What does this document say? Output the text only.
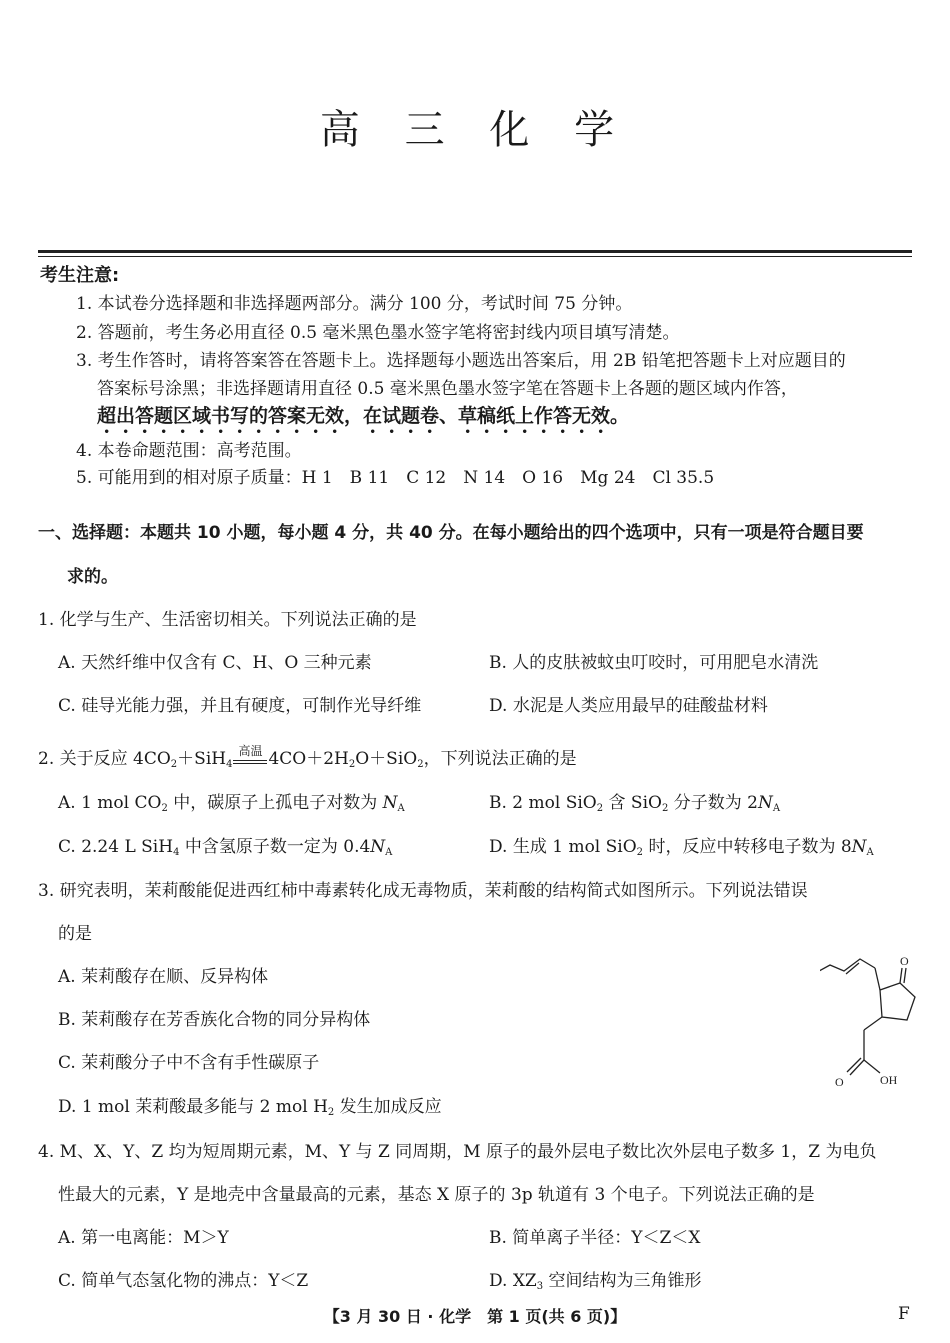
高 三 化 学
考生注意:
1. 本试卷分选择题和非选择题两部分。满分 100 分，考试时间 75 分钟。
2. 答题前，考生务必用直径 0.5 毫米黑色墨水签字笔将密封线内项目填写清楚。
3. 考生作答时，请将答案答在答题卡上。选择题每小题选出答案后，用 2B 铅笔把答题卡上对应题目的
答案标号涂黑；非选择题请用直径 0.5 毫米黑色墨水签字笔在答题卡上各题的题区域内作答，
超出答题区域书写的答案无效，在试题卷、草稿纸上作答无效。
4. 本卷命题范围：高考范围。
5. 可能用到的相对原子质量：H 1　B 11　C 12　N 14　O 16　Mg 24　Cl 35.5
一、选择题：本题共 10 小题，每小题 4 分，共 40 分。在每小题给出的四个选项中，只有一项是符合题目要
求的。
1. 化学与生产、生活密切相关。下列说法正确的是
A. 天然纤维中仅含有 C、H、O 三种元素	B. 人的皮肤被蚊虫叮咬时，可用肥皂水清洗
C. 硅导光能力强，并且有硬度，可制作光导纤维	D. 水泥是人类应用最早的硅酸盐材料
2. 关于反应 $4CO_2+SiH_4$
高温 $4CO+2H_2O+SiO_2$，下列说法正确的是
A. 1 mol $CO_2$ 中，碳原子上孤电子对数为 $N_A$	B. 2 mol SiO$_2$ 含 SiO$_2$ 分子数为 $2N_A$
C. 2.24 L SiH$_4$ 中含氢原子数一定为 $0.4N_A$	D. 生成 1 mol SiO$_2$ 时，反应中转移电子数为 $8N_A$
3. 研究表明，茉莉酸能促进西红柿中毒素转化成无毒物质，茉莉酸的结构简式如图所示。下列说法错误
的是
A. 茉莉酸存在顺、反异构体
B. 茉莉酸存在芳香族化合物的同分异构体
C. 茉莉酸分子中不含有手性碳原子
D. 1 mol 茉莉酸最多能与 2 mol $H_2$ 发生加成反应
O
O	OH
4. M、X、Y、Z 均为短周期元素，M、Y 与 Z 同周期，M 原子的最外层电子数比次外层电子数多 1，Z 为电负
性最大的元素，Y 是地壳中含量最高的元素，基态 X 原子的 3p 轨道有 3 个电子。下列说法正确的是
A. 第一电离能：M＞Y	B. 简单离子半径：Y＜Z＜X
C. 简单气态氢化物的沸点：Y＜Z	D. $XZ_3$ 空间结构为三角锥形
【3 月 30 日 · 化学　第 1 页(共 6 页)】	F
